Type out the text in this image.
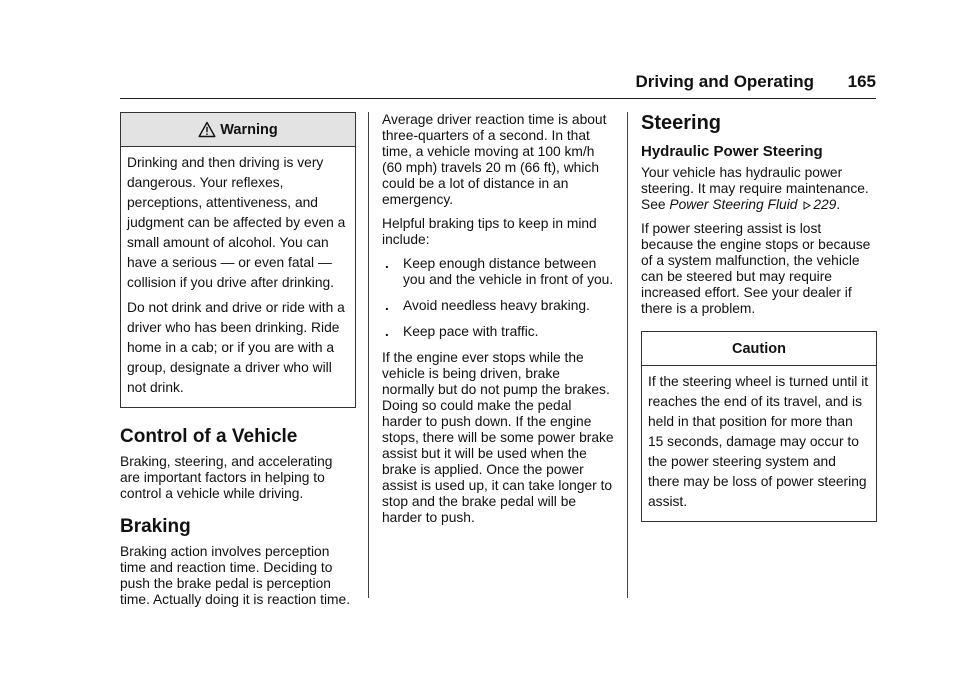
Driving and Operating 165
Warning

Drinking and then driving is very dangerous. Your reflexes, perceptions, attentiveness, and judgment can be affected by even a small amount of alcohol. You can have a serious — or even fatal — collision if you drive after drinking.

Do not drink and drive or ride with a driver who has been drinking. Ride home in a cab; or if you are with a group, designate a driver who will not drink.

Control of a Vehicle

Braking, steering, and accelerating are important factors in helping to control a vehicle while driving.

Braking

Braking action involves perception time and reaction time. Deciding to push the brake pedal is perception time. Actually doing it is reaction time.

Average driver reaction time is about three-quarters of a second. In that time, a vehicle moving at 100 km/h (60 mph) travels 20 m (66 ft), which could be a lot of distance in an emergency.

Helpful braking tips to keep in mind include:

. Keep enough distance between you and the vehicle in front of you.
. Avoid needless heavy braking.
. Keep pace with traffic.

If the engine ever stops while the vehicle is being driven, brake normally but do not pump the brakes. Doing so could make the pedal harder to push down. If the engine stops, there will be some power brake assist but it will be used when the brake is applied. Once the power assist is used up, it can take longer to stop and the brake pedal will be harder to push.

Steering
Hydraulic Power Steering

Your vehicle has hydraulic power steering. It may require maintenance. See Power Steering Fluid 229.

If power steering assist is lost because the engine stops or because of a system malfunction, the vehicle can be steered but may require increased effort. See your dealer if there is a problem.

Caution

If the steering wheel is turned until it reaches the end of its travel, and is held in that position for more than 15 seconds, damage may occur to the power steering system and there may be loss of power steering assist.
